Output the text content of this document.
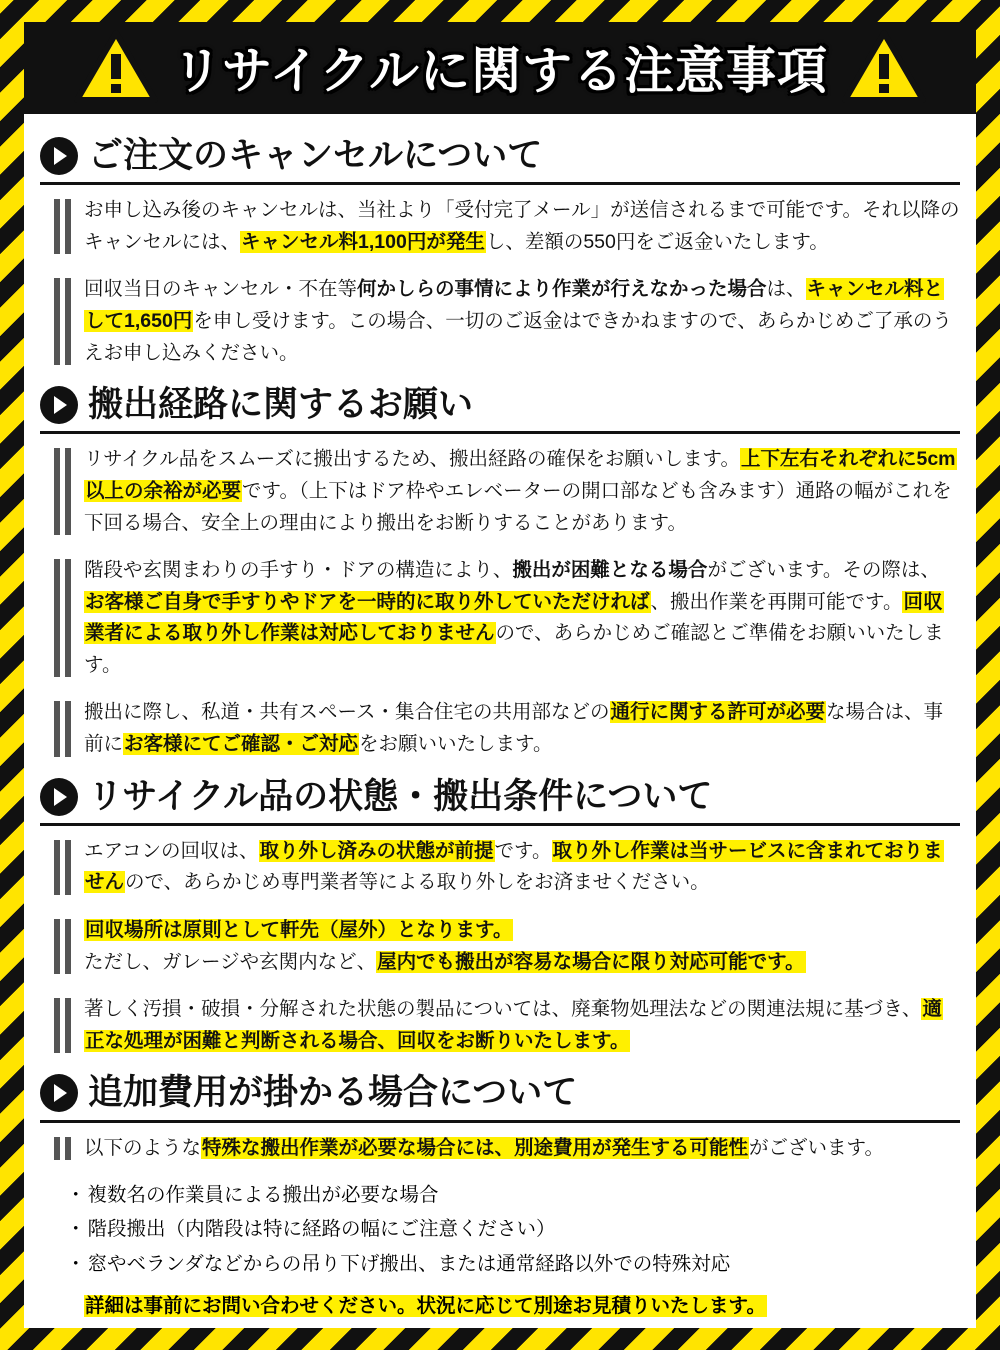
リサイクルに関する注意事項
ご注文のキャンセルについて

お申し込み後のキャンセルは、当社より「受付完了メール」が送信されるまで可能です。それ以降のキャンセルには、キャンセル料1,100円が発生し、差額の550円をご返金いたします。

回収当日のキャンセル・不在等何かしらの事情により作業が行えなかった場合は、キャンセル料として1,650円を申し受けます。この場合、一切のご返金はできかねますので、あらかじめご了承のうえお申し込みください。

搬出経路に関するお願い

リサイクル品をスムーズに搬出するため、搬出経路の確保をお願いします。上下左右それぞれに5cm以上の余裕が必要です。（上下はドア枠やエレベーターの開口部なども含みます）通路の幅がこれを下回る場合、安全上の理由により搬出をお断りすることがあります。

階段や玄関まわりの手すり・ドアの構造により、搬出が困難となる場合がございます。その際は、お客様ご自身で手すりやドアを一時的に取り外していただければ、搬出作業を再開可能です。回収業者による取り外し作業は対応しておりませんので、あらかじめご確認とご準備をお願いいたします。

搬出に際し、私道・共有スペース・集合住宅の共用部などの通行に関する許可が必要な場合は、事前にお客様にてご確認・ご対応をお願いいたします。

リサイクル品の状態・搬出条件について

エアコンの回収は、取り外し済みの状態が前提です。取り外し作業は当サービスに含まれておりませんので、あらかじめ専門業者等による取り外しをお済ませください。

回収場所は原則として軒先（屋外）となります。
ただし、ガレージや玄関内など、屋内でも搬出が容易な場合に限り対応可能です。

著しく汚損・破損・分解された状態の製品については、廃棄物処理法などの関連法規に基づき、適正な処理が困難と判断される場合、回収をお断りいたします。

追加費用が掛かる場合について

以下のような特殊な搬出作業が必要な場合には、別途費用が発生する可能性がございます。

・ 複数名の作業員による搬出が必要な場合
・ 階段搬出（内階段は特に経路の幅にご注意ください）
・ 窓やベランダなどからの吊り下げ搬出、または通常経路以外での特殊対応
詳細は事前にお問い合わせください。状況に応じて別途お見積りいたします。
